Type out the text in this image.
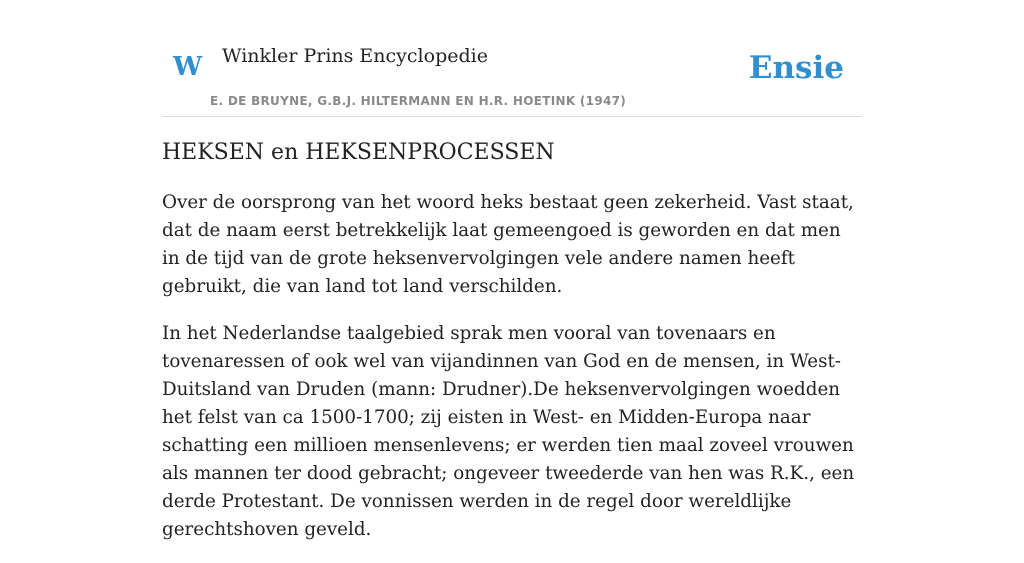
W Winkler Prins Encyclopedie
E. DE BRUYNE, G.B.J. HILTERMANN EN H.R. HOETINK (1947)
Ensie
HEKSEN en HEKSENPROCESSEN

Over de oorsprong van het woord heks bestaat geen zekerheid. Vast staat, dat de naam eerst betrekkelijk laat gemeengoed is geworden en dat men in de tijd van de grote heksenvervolgingen vele andere namen heeft gebruikt, die van land tot land verschilden.

In het Nederlandse taalgebied sprak men vooral van tovenaars en tovenaressen of ook wel van vijandinnen van God en de mensen, in West-Duitsland van Druden (mann: Drudner).De heksenvervolgingen woedden het felst van ca 1500-1700; zij eisten in West- en Midden-Europa naar schatting een millioen mensenlevens; er werden tien maal zoveel vrouwen als mannen ter dood gebracht; ongeveer tweederde van hen was R.K., een derde Protestant. De vonnissen werden in de regel door wereldlijke gerechtshoven geveld.
